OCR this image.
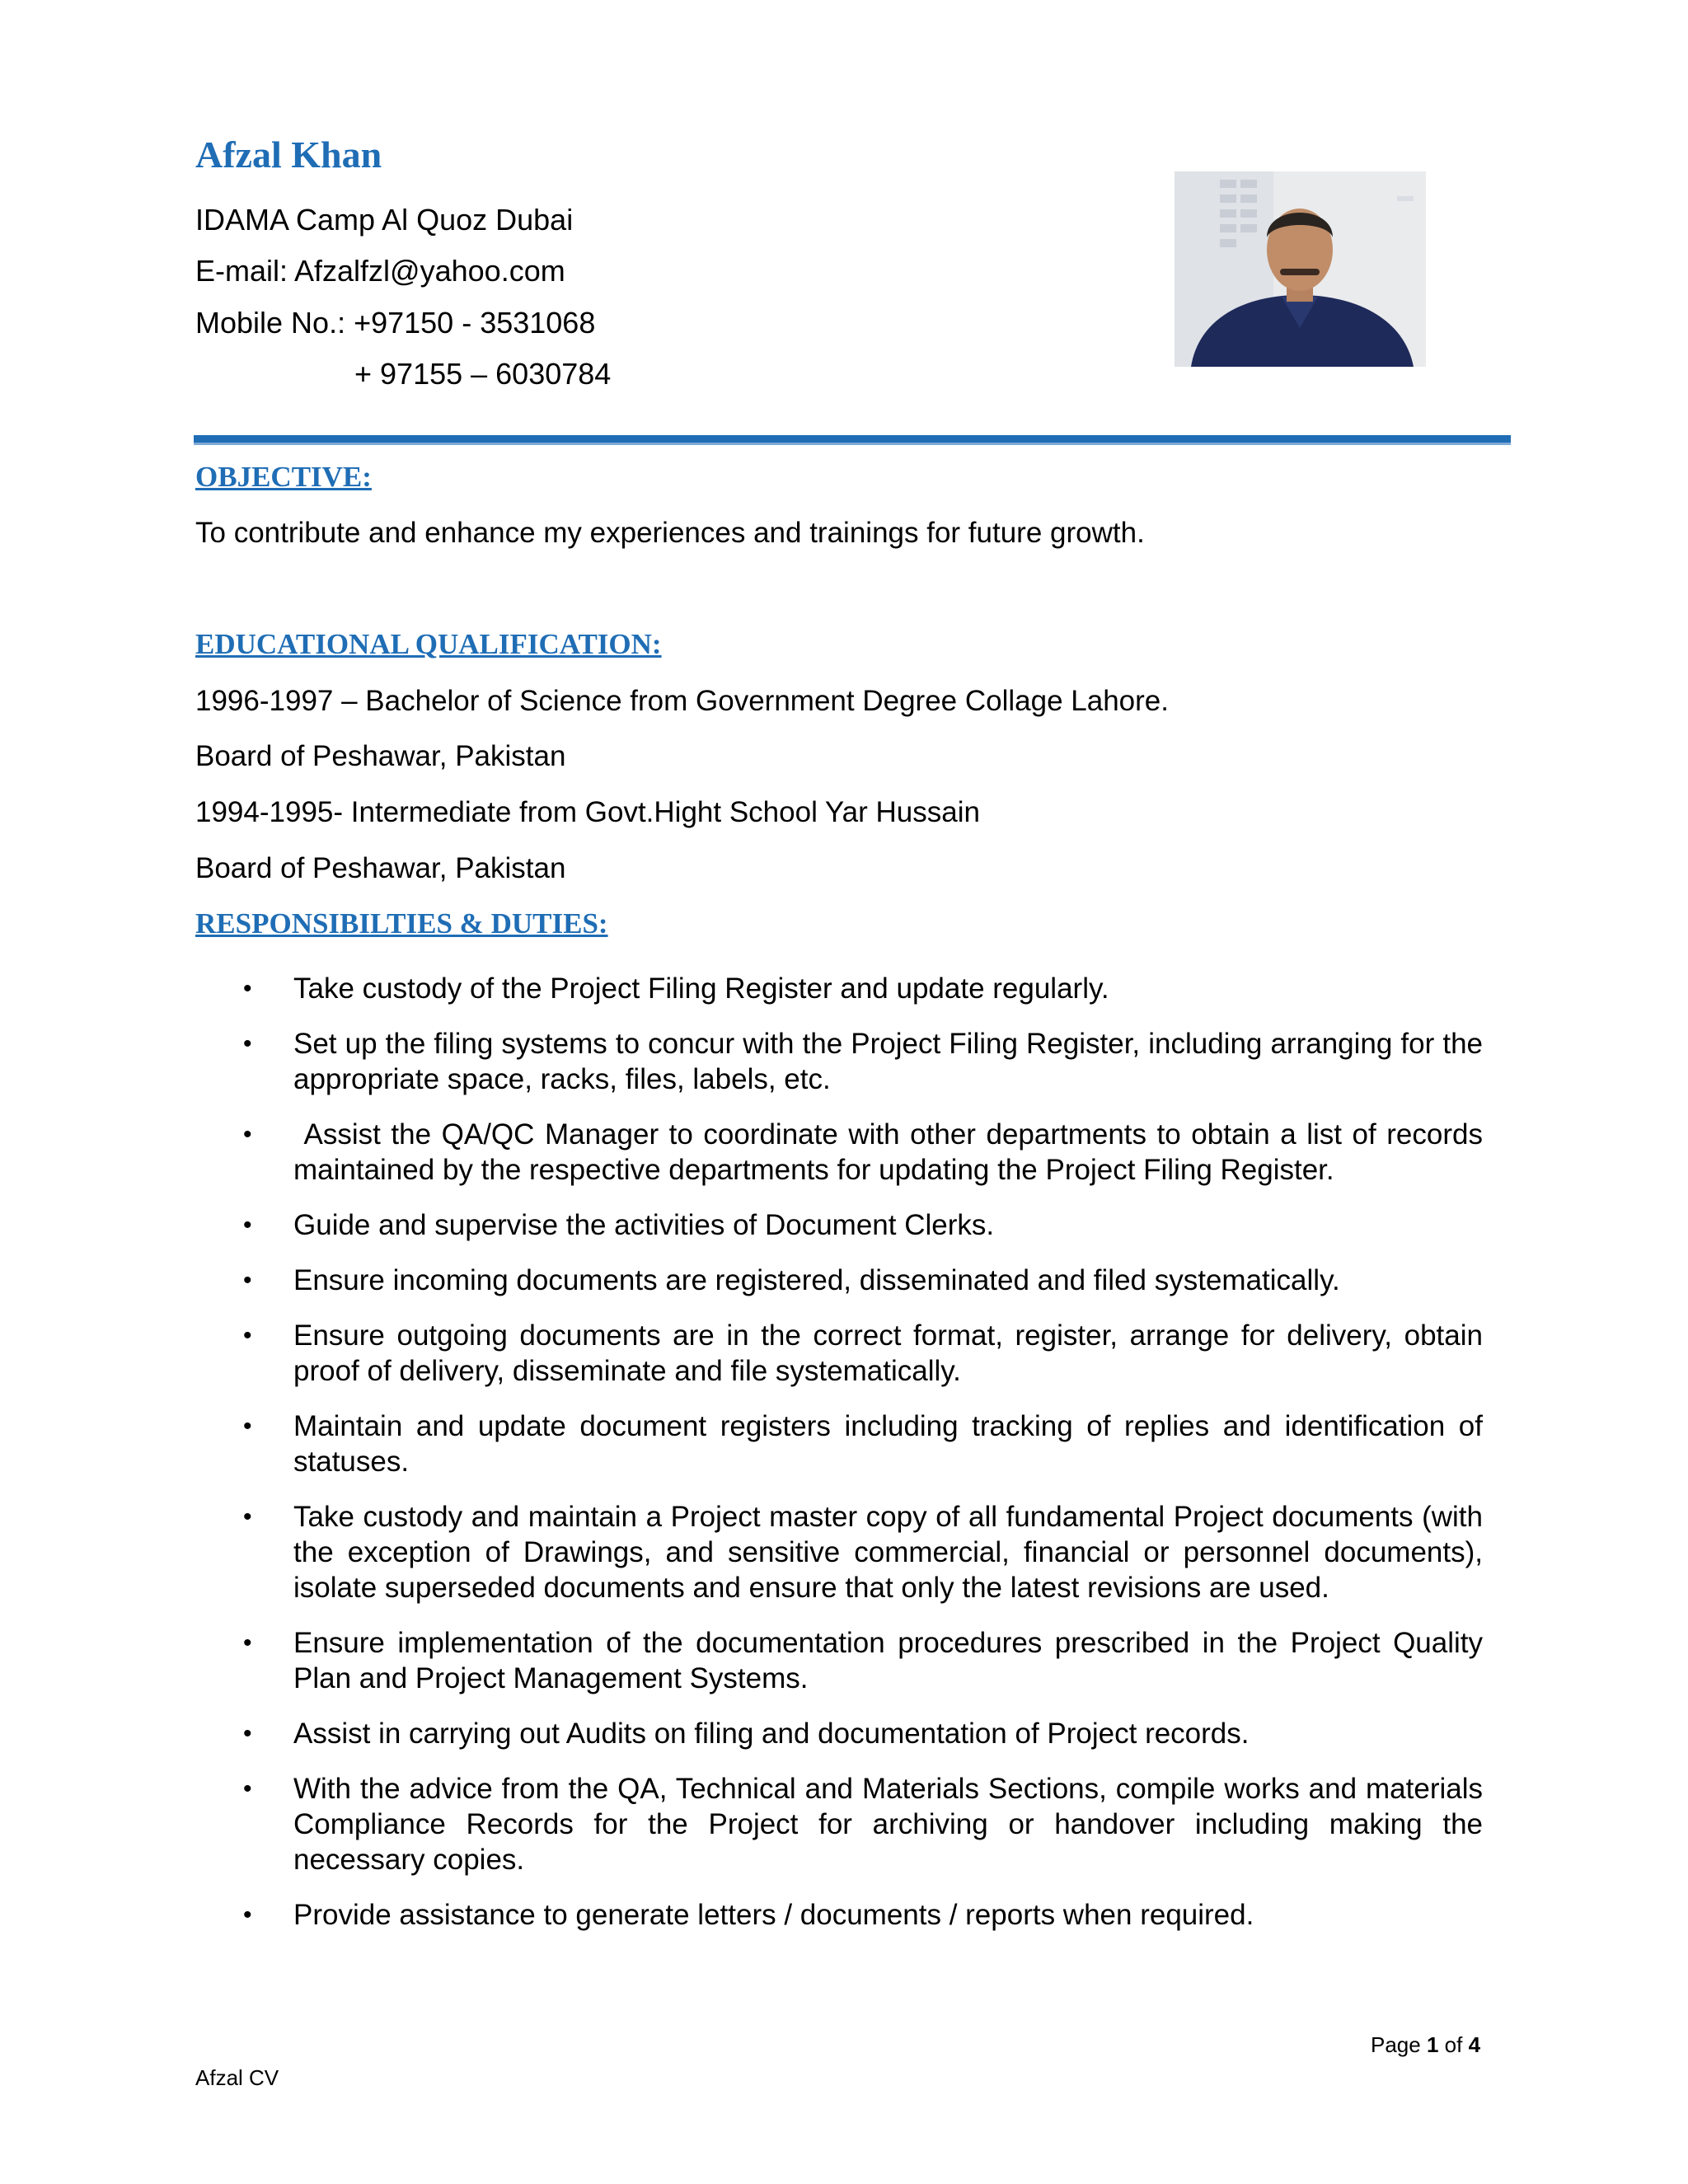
Afzal Khan
IDAMA Camp Al Quoz Dubai
E-mail: Afzalfzl@yahoo.com
Mobile No.: +97150 - 3531068
+ 97155 – 6030784
OBJECTIVE:
To contribute and enhance my experiences and trainings for future growth.
EDUCATIONAL QUALIFICATION:
1996-1997 – Bachelor of Science from Government Degree Collage Lahore.
Board of Peshawar, Pakistan
1994-1995- Intermediate from Govt.Hight School Yar Hussain
Board of Peshawar, Pakistan
RESPONSIBILTIES & DUTIES:
• Take custody of the Project Filing Register and update regularly.
• Set up the filing systems to concur with the Project Filing Register, including arranging for the appropriate space, racks, files, labels, etc.
• Assist the QA/QC Manager to coordinate with other departments to obtain a list of records maintained by the respective departments for updating the Project Filing Register.
• Guide and supervise the activities of Document Clerks.
• Ensure incoming documents are registered, disseminated and filed systematically.
• Ensure outgoing documents are in the correct format, register, arrange for delivery, obtain proof of delivery, disseminate and file systematically.
• Maintain and update document registers including tracking of replies and identification of statuses.
• Take custody and maintain a Project master copy of all fundamental Project documents (with the exception of Drawings, and sensitive commercial, financial or personnel documents), isolate superseded documents and ensure that only the latest revisions are used.
• Ensure implementation of the documentation procedures prescribed in the Project Quality Plan and Project Management Systems.
• Assist in carrying out Audits on filing and documentation of Project records.
• With the advice from the QA, Technical and Materials Sections, compile works and materials Compliance Records for the Project for archiving or handover including making the necessary copies.
• Provide assistance to generate letters / documents / reports when required.
Page 1 of 4
Afzal CV
